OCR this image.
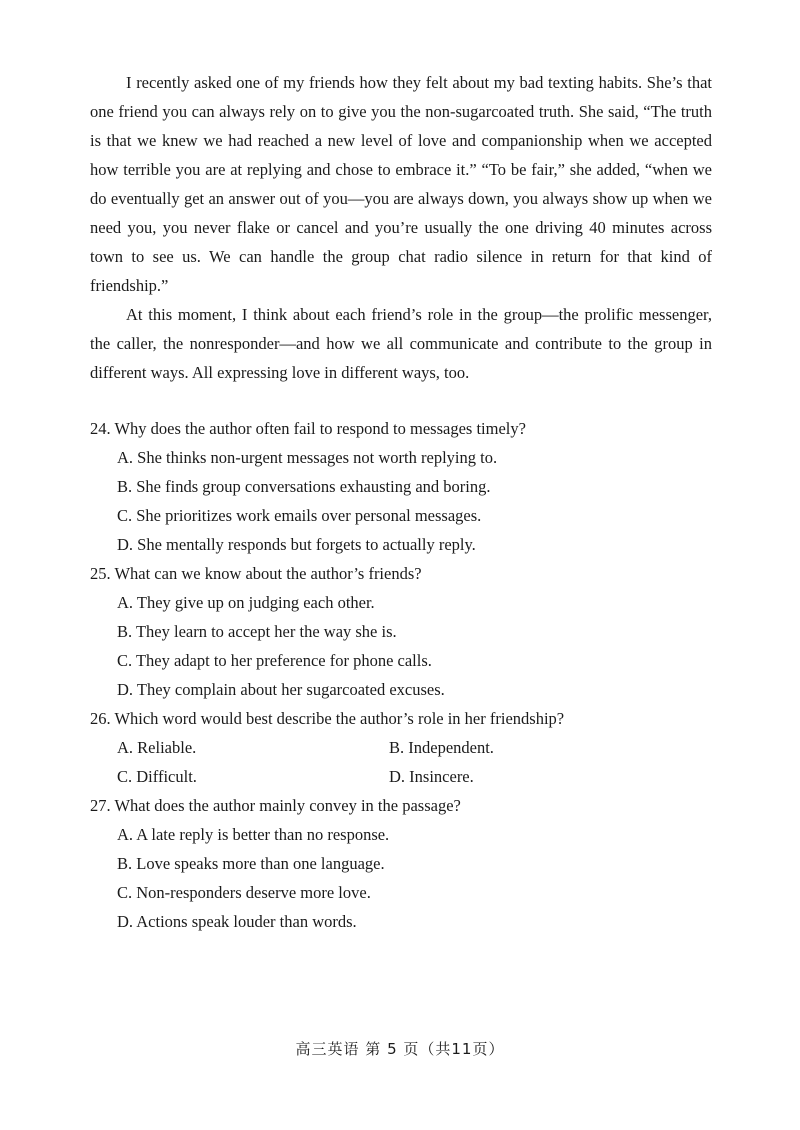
I recently asked one of my friends how they felt about my bad texting habits. She’s that one friend you can always rely on to give you the non-sugarcoated truth. She said, “The truth is that we knew we had reached a new level of love and companionship when we accepted how terrible you are at replying and chose to embrace it.” “To be fair,” she added, “when we do eventually get an answer out of you—you are always down, you always show up when we need you, you never flake or cancel and you’re usually the one driving 40 minutes across town to see us. We can handle the group chat radio silence in return for that kind of friendship.”

At this moment, I think about each friend’s role in the group—the prolific messenger, the caller, the nonresponder—and how we all communicate and contribute to the group in different ways. All expressing love in different ways, too.

24. Why does the author often fail to respond to messages timely?

A. She thinks non-urgent messages not worth replying to.

B. She finds group conversations exhausting and boring.

C. She prioritizes work emails over personal messages.

D. She mentally responds but forgets to actually reply.

25. What can we know about the author’s friends?

A. They give up on judging each other.

B. They learn to accept her the way she is.

C. They adapt to her preference for phone calls.

D. They complain about her sugarcoated excuses.

26. Which word would best describe the author’s role in her friendship?

A. Reliable.	B. Independent.

C. Difficult.	D. Insincere.

27. What does the author mainly convey in the passage?

A. A late reply is better than no response.

B. Love speaks more than one language.

C. Non-responders deserve more love.

D. Actions speak louder than words.

高三英语 第 5 页（共11页）
